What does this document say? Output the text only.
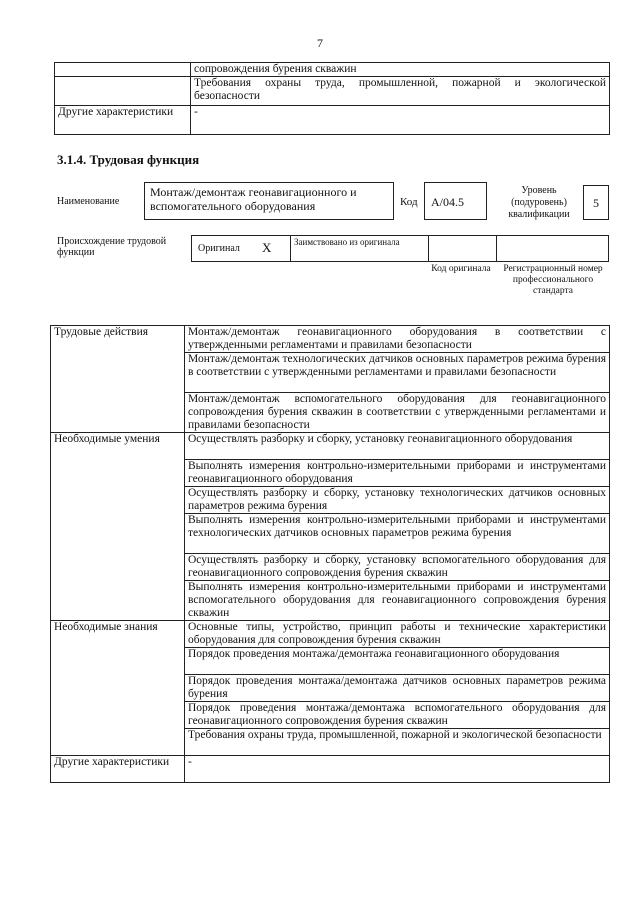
7
	сопровождения бурения скважин
	Требования охраны труда, промышленной, пожарной и экологической безопасности
Другие характеристики	-
3.1.4. Трудовая функция
Наименование
Монтаж/демонтаж геонавигационного и вспомогательного оборудования	Код	А/04.5
Уровень (подуровень) квалификации
5
Происхождение трудовой функции	Оригинал X	Заимствовано из оригинала
Код оригинала	Регистрационный номер профессионального стандарта
Трудовые действия	Монтаж/демонтаж геонавигационного оборудования в соответствии с утвержденными регламентами и правилами безопасности
	Монтаж/демонтаж технологических датчиков основных параметров режима бурения в соответствии с утвержденными регламентами и правилами безопасности
	Монтаж/демонтаж вспомогательного оборудования для геонавигационного сопровождения бурения скважин в соответствии с утвержденными регламентами и правилами безопасности
Необходимые умения	Осуществлять разборку и сборку, установку геонавигационного оборудования
	Выполнять измерения контрольно-измерительными приборами и инструментами геонавигационного оборудования
	Осуществлять разборку и сборку, установку технологических датчиков основных параметров режима бурения
	Выполнять измерения контрольно-измерительными приборами и инструментами технологических датчиков основных параметров режима бурения
	Осуществлять разборку и сборку, установку вспомогательного оборудования для геонавигационного сопровождения бурения скважин
	Выполнять измерения контрольно-измерительными приборами и инструментами вспомогательного оборудования для геонавигационного сопровождения бурения скважин
Необходимые знания	Основные типы, устройство, принцип работы и технические характеристики оборудования для сопровождения бурения скважин
	Порядок проведения монтажа/демонтажа геонавигационного оборудования
	Порядок проведения монтажа/демонтажа датчиков основных параметров режима бурения
	Порядок проведения монтажа/демонтажа вспомогательного оборудования для геонавигационного сопровождения бурения скважин
	Требования охраны труда, промышленной, пожарной и экологической безопасности
Другие характеристики	-
